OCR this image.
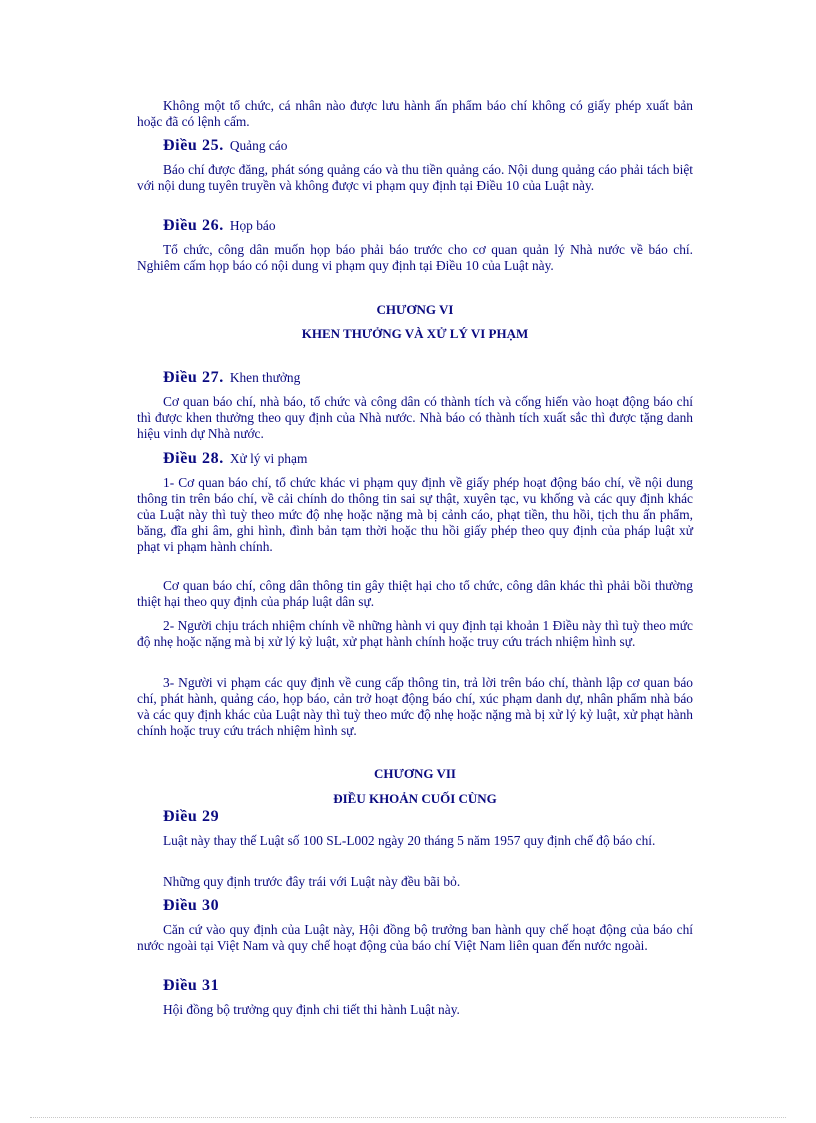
Không một tổ chức, cá nhân nào được lưu hành ấn phẩm báo chí không có giấy phép xuất bản hoặc đã có lệnh cấm.

Điều 25. Quảng cáo

Báo chí được đăng, phát sóng quảng cáo và thu tiền quảng cáo. Nội dung quảng cáo phải tách biệt với nội dung tuyên truyền và không được vi phạm quy định tại Điều 10 của Luật này.

Điều 26. Họp báo

Tổ chức, công dân muốn họp báo phải báo trước cho cơ quan quản lý Nhà nước về báo chí. Nghiêm cấm họp báo có nội dung vi phạm quy định tại Điều 10 của Luật này.

CHƯƠNG VI

KHEN THƯỞNG VÀ XỬ LÝ VI PHẠM

Điều 27. Khen thưởng

Cơ quan báo chí, nhà báo, tổ chức và công dân có thành tích và cống hiến vào hoạt động báo chí thì được khen thưởng theo quy định của Nhà nước. Nhà báo có thành tích xuất sắc thì được tặng danh hiệu vinh dự Nhà nước.

Điều 28. Xử lý vi phạm

1- Cơ quan báo chí, tổ chức khác vi phạm quy định về giấy phép hoạt động báo chí, về nội dung thông tin trên báo chí, về cải chính do thông tin sai sự thật, xuyên tạc, vu khống và các quy định khác của Luật này thì tuỳ theo mức độ nhẹ hoặc nặng mà bị cảnh cáo, phạt tiền, thu hồi, tịch thu ấn phẩm, băng, đĩa ghi âm, ghi hình, đình bản tạm thời hoặc thu hồi giấy phép theo quy định của pháp luật xử phạt vi phạm hành chính.

Cơ quan báo chí, công dân thông tin gây thiệt hại cho tổ chức, công dân khác thì phải bồi thường thiệt hại theo quy định của pháp luật dân sự.

2- Người chịu trách nhiệm chính về những hành vi quy định tại khoản 1 Điều này thì tuỳ theo mức độ nhẹ hoặc nặng mà bị xử lý kỷ luật, xử phạt hành chính hoặc truy cứu trách nhiệm hình sự.

3- Người vi phạm các quy định về cung cấp thông tin, trả lời trên báo chí, thành lập cơ quan báo chí, phát hành, quảng cáo, họp báo, cản trở hoạt động báo chí, xúc phạm danh dự, nhân phẩm nhà báo và các quy định khác của Luật này thì tuỳ theo mức độ nhẹ hoặc nặng mà bị xử lý kỷ luật, xử phạt hành chính hoặc truy cứu trách nhiệm hình sự.

CHƯƠNG VII

ĐIỀU KHOẢN CUỐI CÙNG

Điều 29

Luật này thay thế Luật số 100 SL-L002 ngày 20 tháng 5 năm 1957 quy định chế độ báo chí.

Những quy định trước đây trái với Luật này đều bãi bỏ.

Điều 30

Căn cứ vào quy định của Luật này, Hội đồng bộ trưởng ban hành quy chế hoạt động của báo chí nước ngoài tại Việt Nam và quy chế hoạt động của báo chí Việt Nam liên quan đến nước ngoài.

Điều 31

Hội đồng bộ trưởng quy định chi tiết thi hành Luật này.
